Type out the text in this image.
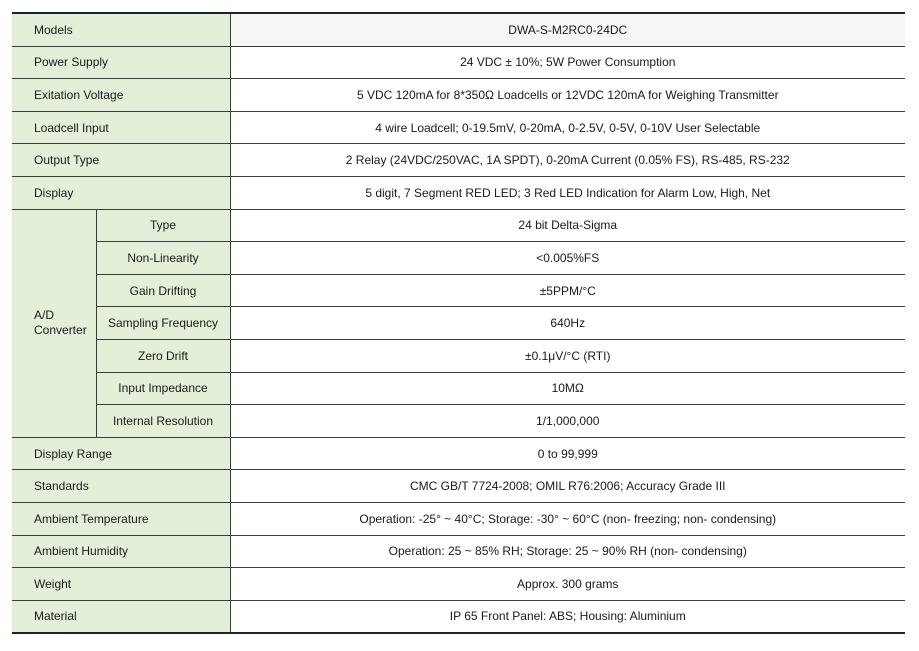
Models		DWA-S-M2RC0-24DC
Power Supply		24 VDC ± 10%; 5W Power Consumption
Exitation Voltage		5 VDC 120mA for 8*350Ω Loadcells or 12VDC 120mA for Weighing Transmitter
Loadcell Input		4 wire Loadcell; 0-19.5mV, 0-20mA, 0-2.5V, 0-5V, 0-10V User Selectable
Output Type		2 Relay (24VDC/250VAC, 1A SPDT), 0-20mA Current (0.05% FS), RS-485, RS-232
Display		5 digit, 7 Segment RED LED; 3 Red LED Indication for Alarm Low, High, Net
A/D
Converter	Type	24 bit Delta-Sigma
	Non-Linearity	<0.005%FS
	Gain Drifting	±5PPM/°C
	Sampling Frequency	640Hz
	Zero Drift	±0.1μV/°C (RTI)
	Input Impedance	10MΩ
	Internal Resolution	1/1,000,000
Display Range		0 to 99,999
Standards		CMC GB/T 7724-2008; OMIL R76:2006; Accuracy Grade III
Ambient Temperature		Operation: -25° ~ 40°C; Storage: -30° ~ 60°C (non- freezing; non- condensing)
Ambient Humidity		Operation: 25 ~ 85% RH; Storage: 25 ~ 90% RH (non- condensing)
Weight		Approx. 300 grams
Material		IP 65 Front Panel: ABS; Housing: Aluminium
